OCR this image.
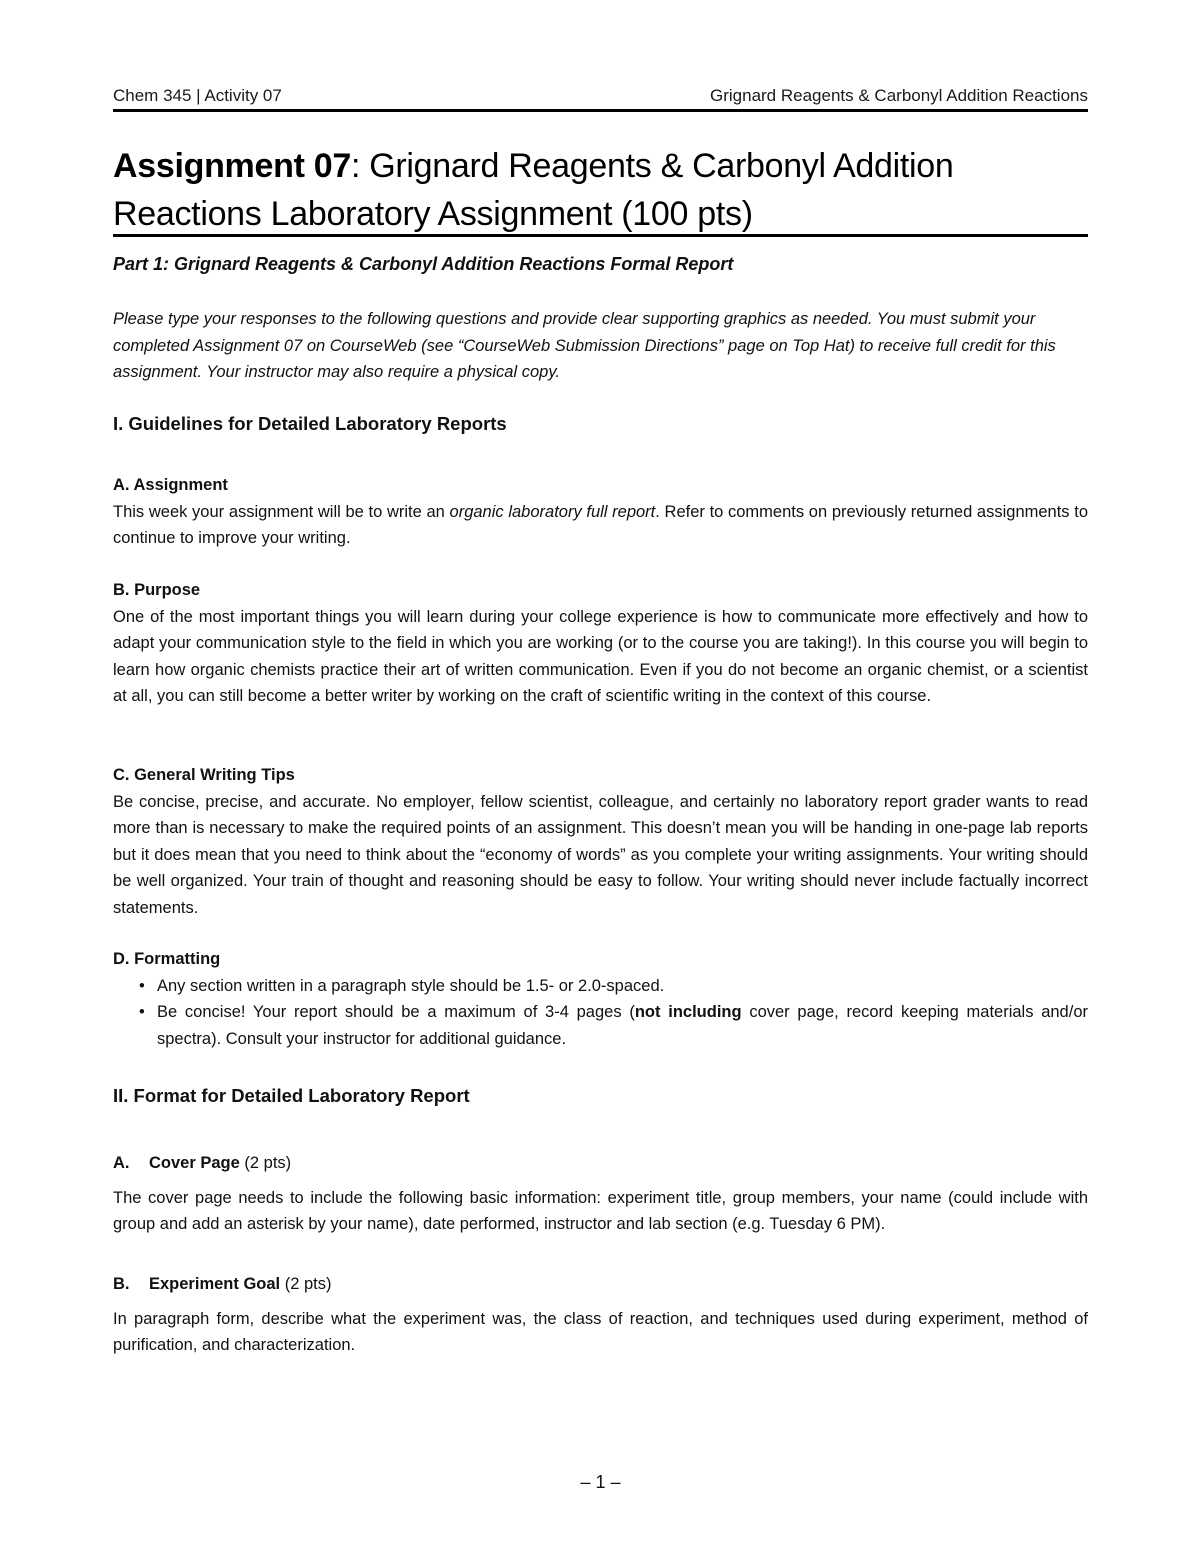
Chem 345 | Activity 07	Grignard Reagents & Carbonyl Addition Reactions
Assignment 07: Grignard Reagents & Carbonyl Addition Reactions Laboratory Assignment (100 pts)
Part 1: Grignard Reagents & Carbonyl Addition Reactions Formal Report
Please type your responses to the following questions and provide clear supporting graphics as needed. You must submit your completed Assignment 07 on CourseWeb (see “CourseWeb Submission Directions” page on Top Hat) to receive full credit for this assignment. Your instructor may also require a physical copy.
I. Guidelines for Detailed Laboratory Reports
A. Assignment

This week your assignment will be to write an organic laboratory full report. Refer to comments on previously returned assignments to continue to improve your writing.

B. Purpose

One of the most important things you will learn during your college experience is how to communicate more effectively and how to adapt your communication style to the field in which you are working (or to the course you are taking!). In this course you will begin to learn how organic chemists practice their art of written communication. Even if you do not become an organic chemist, or a scientist at all, you can still become a better writer by working on the craft of scientific writing in the context of this course.

C. General Writing Tips

Be concise, precise, and accurate. No employer, fellow scientist, colleague, and certainly no laboratory report grader wants to read more than is necessary to make the required points of an assignment. This doesn’t mean you will be handing in one-page lab reports but it does mean that you need to think about the “economy of words” as you complete your writing assignments. Your writing should be well organized. Your train of thought and reasoning should be easy to follow. Your writing should never include factually incorrect statements.

D. Formatting
• Any section written in a paragraph style should be 1.5- or 2.0-spaced.
• Be concise! Your report should be a maximum of 3-4 pages (not including cover page, record keeping materials and/or spectra). Consult your instructor for additional guidance.
II. Format for Detailed Laboratory Report
A. Cover Page (2 pts)

The cover page needs to include the following basic information: experiment title, group members, your name (could include with group and add an asterisk by your name), date performed, instructor and lab section (e.g. Tuesday 6 PM).

B. Experiment Goal (2 pts)

In paragraph form, describe what the experiment was, the class of reaction, and techniques used during experiment, method of purification, and characterization.

– 1 –
